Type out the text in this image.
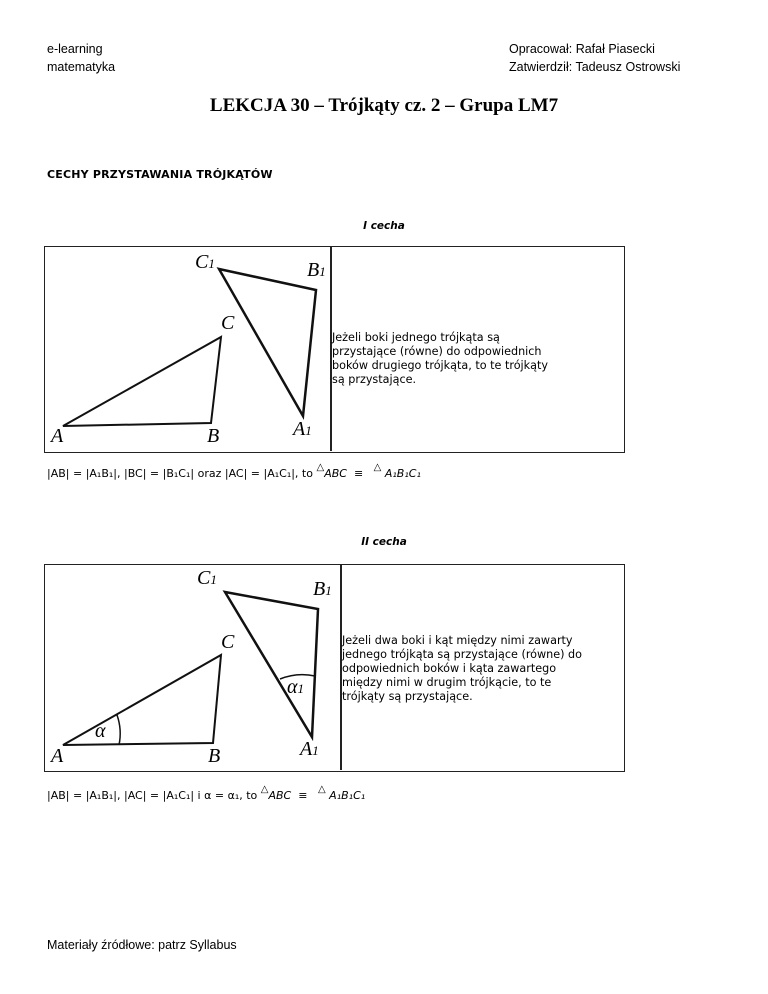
e-learning
matematyka
Opracował: Rafał Piasecki
Zatwierdził: Tadeusz Ostrowski
LEKCJA 30 – Trójkąty cz. 2 – Grupa LM7
CECHY PRZYSTAWANIA TRÓJKĄTÓW
I cecha
A	B
C
C1	B1
A1
Jeżeli boki jednego trójkąta są przystające (równe) do odpowiednich boków drugiego trójkąta, to te trójkąty są przystające.
|AB| = |A₁B₁|, |BC| = |B₁C₁| oraz |AC| = |A₁C₁|, to △ABC ≡ △ A₁B₁C₁
II cecha
A	B
C
α
C1	B1
α1
A1
Jeżeli dwa boki i kąt między nimi zawarty jednego trójkąta są przystające (równe) do odpowiednich boków i kąta zawartego między nimi w drugim trójkącie, to te trójkąty są przystające.
|AB| = |A₁B₁|, |AC| = |A₁C₁| i α = α₁, to △ABC ≡ △ A₁B₁C₁
Materiały źródłowe: patrz Syllabus
